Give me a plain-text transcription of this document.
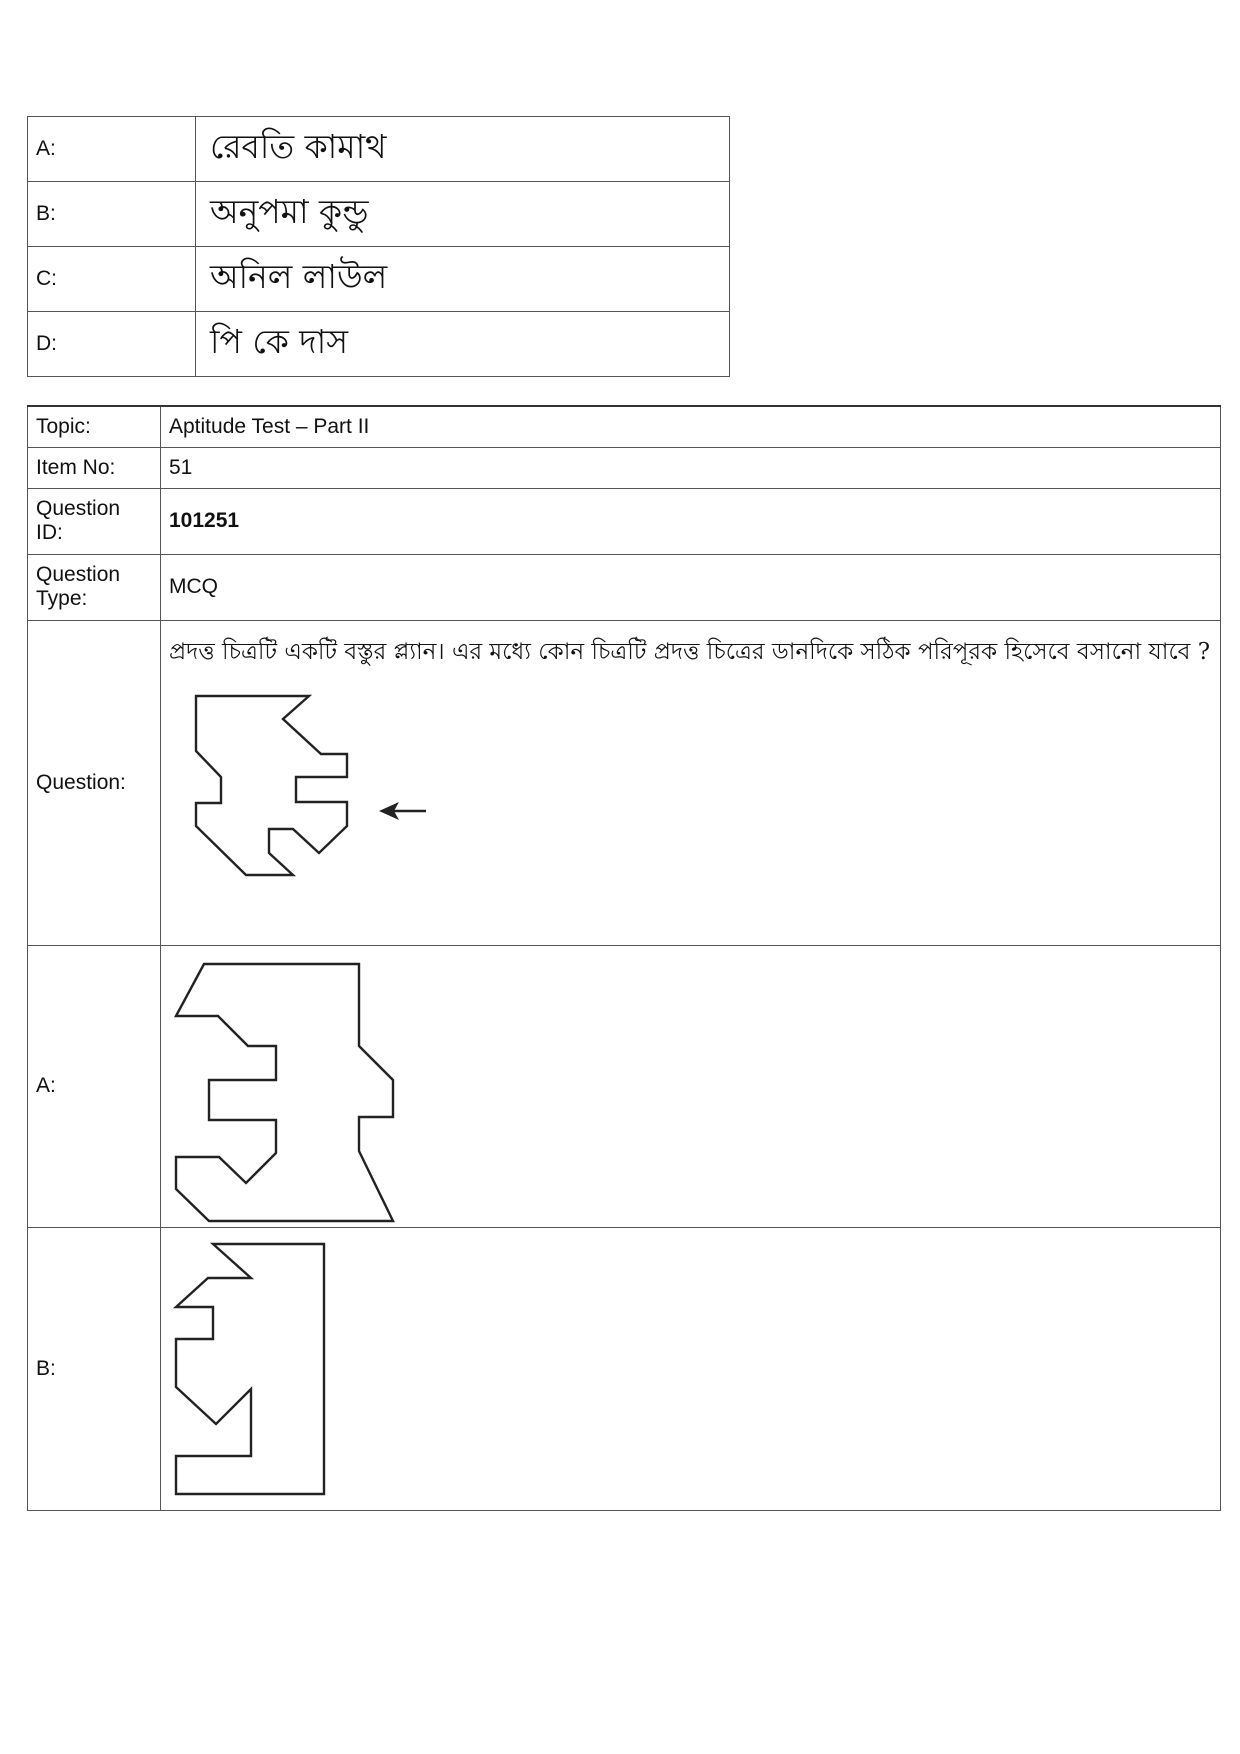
A:	রেবতি কামাথ
B:	অনুপমা কুন্ডু
C:	অনিল লাউল
D:	পি কে দাস
Topic:	Aptitude Test – Part II
Item No:	51
Question ID:	101251
Question Type:	MCQ
Question:	প্রদত্ত চিত্রটি একটি বস্তুর প্ল্যান। এর মধ্যে কোন চিত্রটি প্রদত্ত চিত্রের ডানদিকে সঠিক পরিপূরক হিসেবে বসানো যাবে ?

A:	

B:	
